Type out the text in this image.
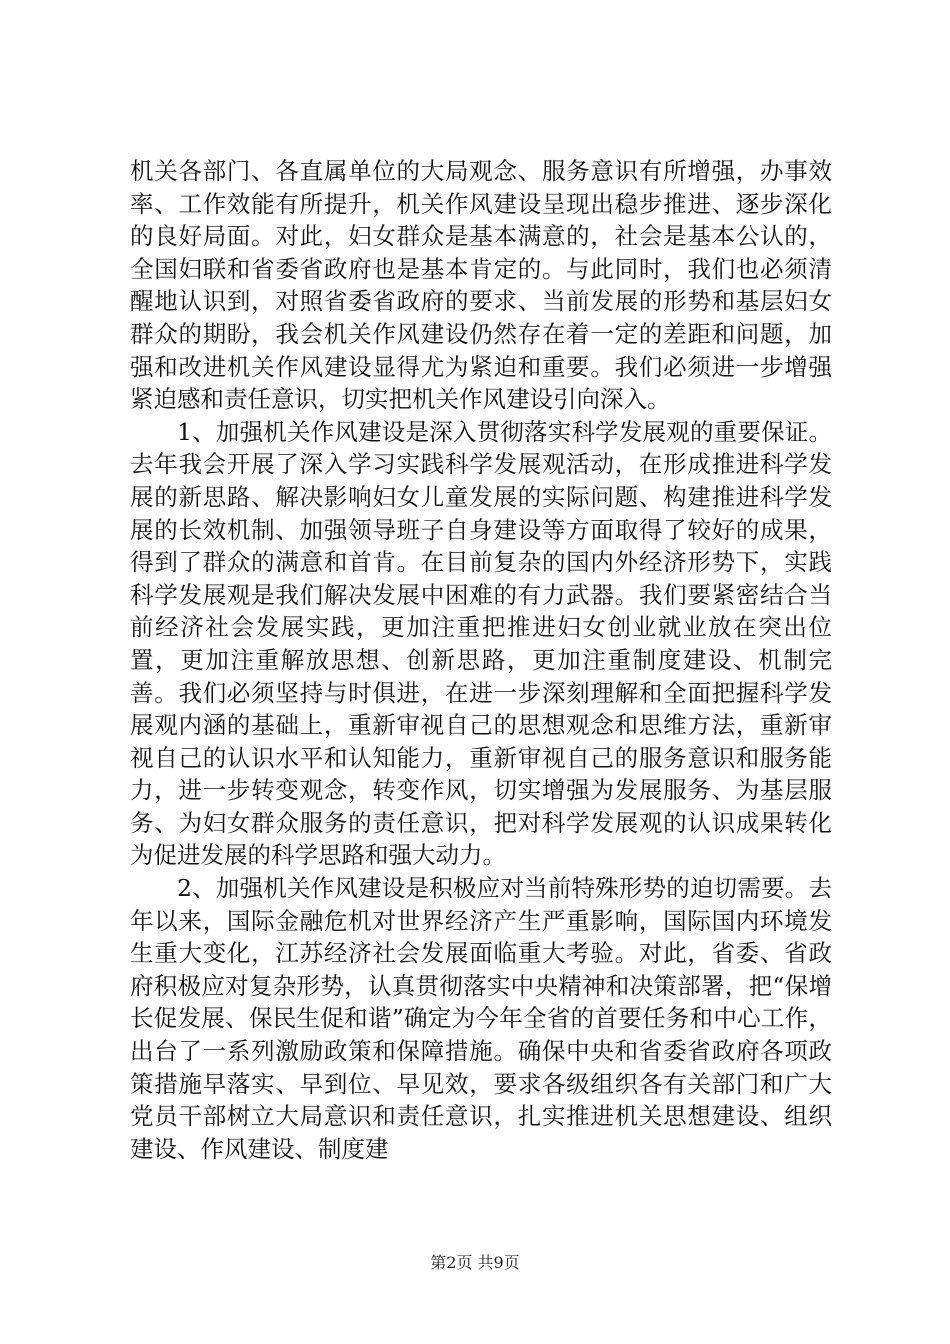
机关各部门、各直属单位的大局观念、服务意识有所增强，办事效率、工作效能有所提升，机关作风建设呈现出稳步推进、逐步深化的良好局面。对此，妇女群众是基本满意的，社会是基本公认的，全国妇联和省委省政府也是基本肯定的。与此同时，我们也必须清醒地认识到，对照省委省政府的要求、当前发展的形势和基层妇女群众的期盼，我会机关作风建设仍然存在着一定的差距和问题，加强和改进机关作风建设显得尤为紧迫和重要。我们必须进一步增强紧迫感和责任意识，切实把机关作风建设引向深入。

1、加强机关作风建设是深入贯彻落实科学发展观的重要保证。去年我会开展了深入学习实践科学发展观活动，在形成推进科学发展的新思路、解决影响妇女儿童发展的实际问题、构建推进科学发展的长效机制、加强领导班子自身建设等方面取得了较好的成果，得到了群众的满意和首肯。在目前复杂的国内外经济形势下，实践科学发展观是我们解决发展中困难的有力武器。我们要紧密结合当前经济社会发展实践，更加注重把推进妇女创业就业放在突出位置，更加注重解放思想、创新思路，更加注重制度建设、机制完善。我们必须坚持与时俱进，在进一步深刻理解和全面把握科学发展观内涵的基础上，重新审视自己的思想观念和思维方法，重新审视自己的认识水平和认知能力，重新审视自己的服务意识和服务能力，进一步转变观念，转变作风，切实增强为发展服务、为基层服务、为妇女群众服务的责任意识，把对科学发展观的认识成果转化为促进发展的科学思路和强大动力。

2、加强机关作风建设是积极应对当前特殊形势的迫切需要。去年以来，国际金融危机对世界经济产生严重影响，国际国内环境发生重大变化，江苏经济社会发展面临重大考验。对此，省委、省政府积极应对复杂形势，认真贯彻落实中央精神和决策部署，把“保增长促发展、保民生促和谐”确定为今年全省的首要任务和中心工作，出台了一系列激励政策和保障措施。确保中央和省委省政府各项政策措施早落实、早到位、早见效，要求各级组织各有关部门和广大党员干部树立大局意识和责任意识，扎实推进机关思想建设、组织建设、作风建设、制度建

第2页 共9页
